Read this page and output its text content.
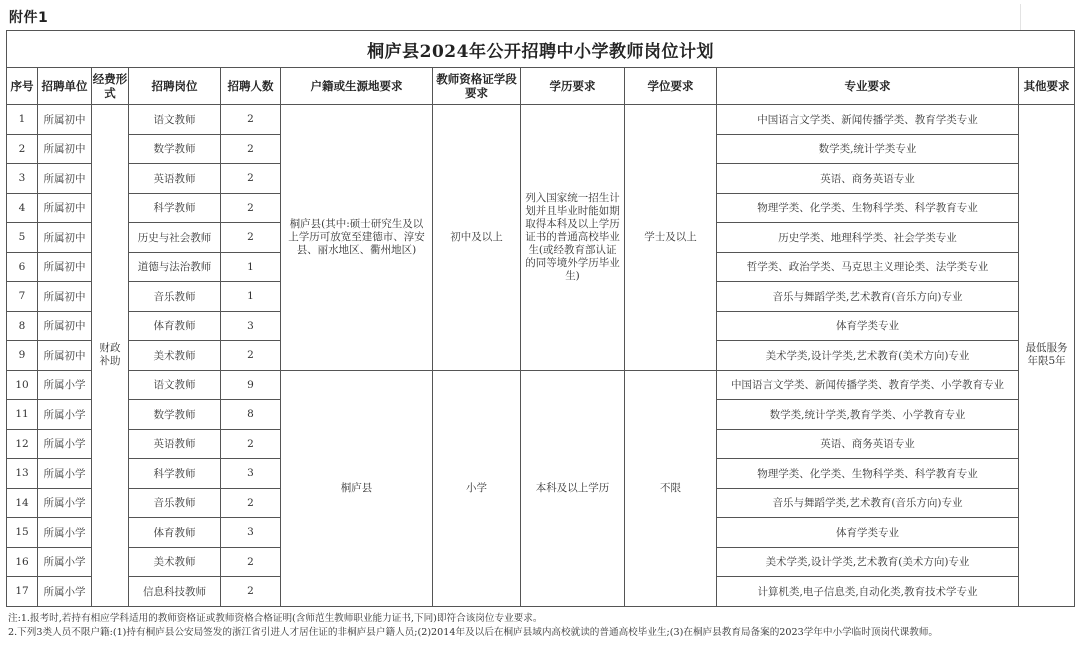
附件1
桐庐县2024年公开招聘中小学教师岗位计划										
序号	招聘单位	经费形式	招聘岗位	招聘人数	户籍或生源地要求	教师资格证学段要求	学历要求	学位要求	专业要求	其他要求
1	所属初中	财政补助	语文教师	2	桐庐县(其中:硕士研究生及以上学历可放宽至建德市、淳安县、丽水地区、衢州地区)	初中及以上	列入国家统一招生计划并且毕业时能如期取得本科及以上学历证书的普通高校毕业生(或经教育部认证的同等境外学历毕业生)	学士及以上	中国语言文学类、新闻传播学类、教育学类专业	最低服务年限5年
2	所属初中		数学教师	2					数学类,统计学类专业	
3	所属初中		英语教师	2					英语、商务英语专业	
4	所属初中		科学教师	2					物理学类、化学类、生物科学类、科学教育专业	
5	所属初中		历史与社会教师	2					历史学类、地理科学类、社会学类专业	
6	所属初中		道德与法治教师	1					哲学类、政治学类、马克思主义理论类、法学类专业	
7	所属初中		音乐教师	1					音乐与舞蹈学类,艺术教育(音乐方向)专业	
8	所属初中		体育教师	3					体育学类专业	
9	所属初中		美术教师	2					美术学类,设计学类,艺术教育(美术方向)专业	
10	所属小学		语文教师	9	桐庐县	小学	本科及以上学历	不限	中国语言文学类、新闻传播学类、教育学类、小学教育专业	
11	所属小学		数学教师	8					数学类,统计学类,教育学类、小学教育专业	
12	所属小学		英语教师	2					英语、商务英语专业	
13	所属小学		科学教师	3					物理学类、化学类、生物科学类、科学教育专业	
14	所属小学		音乐教师	2					音乐与舞蹈学类,艺术教育(音乐方向)专业	
15	所属小学		体育教师	3					体育学类专业	
16	所属小学		美术教师	2					美术学类,设计学类,艺术教育(美术方向)专业	
17	所属小学		信息科技教师	2					计算机类,电子信息类,自动化类,教育技术学专业	
注:1.报考时,若持有相应学科适用的教师资格证或教师资格合格证明(含师范生教师职业能力证书,下同)即符合该岗位专业要求。
2.下列3类人员不限户籍:(1)持有桐庐县公安局签发的浙江省引进人才居住证的非桐庐县户籍人员;(2)2014年及以后在桐庐县域内高校就读的普通高校毕业生;(3)在桐庐县教育局备案的2023学年中小学临时顶岗代课教师。
